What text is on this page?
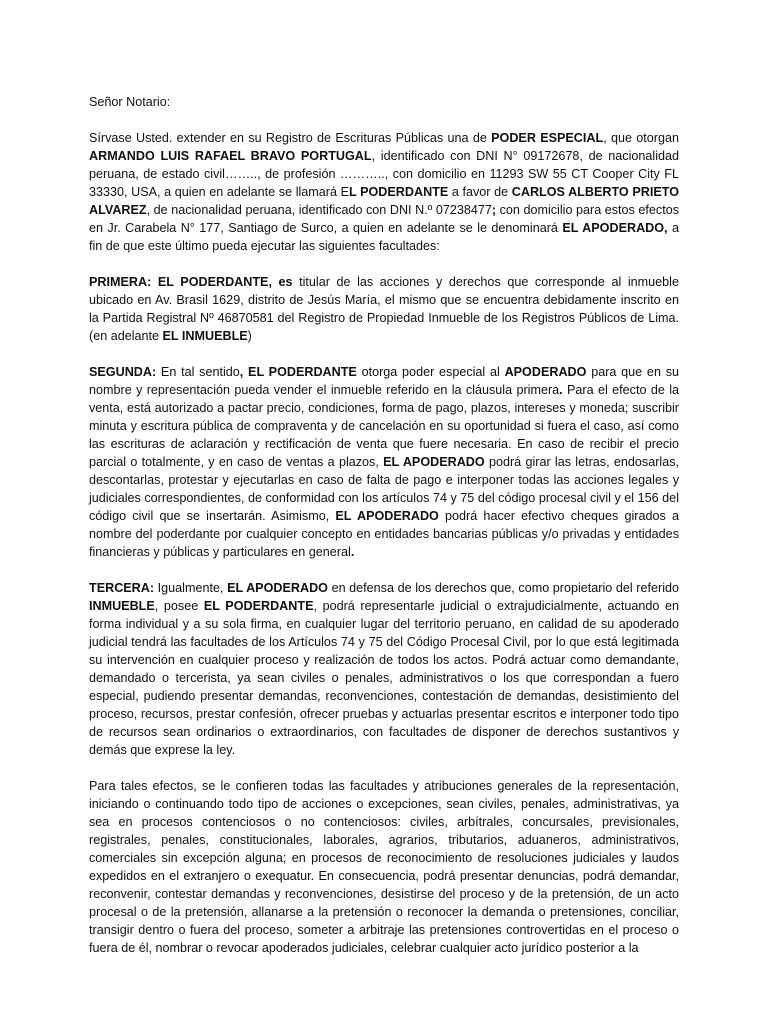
Señor Notario:

Sírvase Usted. extender en su Registro de Escrituras Públicas una de PODER ESPECIAL, que otorgan ARMANDO LUIS RAFAEL BRAVO PORTUGAL, identificado con DNI N° 09172678, de nacionalidad peruana, de estado civil…….., de profesión ……….., con domicilio en 11293 SW 55 CT Cooper City FL 33330, USA, a quien en adelante se llamará EL PODERDANTE a favor de CARLOS ALBERTO PRIETO ALVAREZ, de nacionalidad peruana, identificado con DNI N.º 07238477; con domicilio para estos efectos en Jr. Carabela N° 177, Santiago de Surco, a quien en adelante se le denominará EL APODERADO, a fin de que este último pueda ejecutar las siguientes facultades:

PRIMERA: EL PODERDANTE, es titular de las acciones y derechos que corresponde al inmueble ubicado en Av. Brasil 1629, distrito de Jesús María, el mismo que se encuentra debidamente inscrito en la Partida Registral Nº 46870581 del Registro de Propiedad Inmueble de los Registros Públicos de Lima. (en adelante EL INMUEBLE)

SEGUNDA: En tal sentido, EL PODERDANTE otorga poder especial al APODERADO para que en su nombre y representación pueda vender el inmueble referido en la cláusula primera. Para el efecto de la venta, está autorizado a pactar precio, condiciones, forma de pago, plazos, intereses y moneda; suscribir minuta y escritura pública de compraventa y de cancelación en su oportunidad si fuera el caso, así como las escrituras de aclaración y rectificación de venta que fuere necesaria. En caso de recibir el precio parcial o totalmente, y en caso de ventas a plazos, EL APODERADO podrá girar las letras, endosarlas, descontarlas, protestar y ejecutarlas en caso de falta de pago e interponer todas las acciones legales y judiciales correspondientes, de conformidad con los artículos 74 y 75 del código procesal civil y el 156 del código civil que se insertarán. Asimismo, EL APODERADO podrá hacer efectivo cheques girados a nombre del poderdante por cualquier concepto en entidades bancarias públicas y/o privadas y entidades financieras y públicas y particulares en general.

TERCERA: Igualmente, EL APODERADO en defensa de los derechos que, como propietario del referido INMUEBLE, posee EL PODERDANTE, podrá representarle judicial o extrajudicialmente, actuando en forma individual y a su sola firma, en cualquier lugar del territorio peruano, en calidad de su apoderado judicial tendrá las facultades de los Artículos 74 y 75 del Código Procesal Civil, por lo que está legitimada su intervención en cualquier proceso y realización de todos los actos. Podrá actuar como demandante, demandado o tercerista, ya sean civiles o penales, administrativos o los que correspondan a fuero especial, pudiendo presentar demandas, reconvenciones, contestación de demandas, desistimiento del proceso, recursos, prestar confesión, ofrecer pruebas y actuarlas presentar escritos e interponer todo tipo de recursos sean ordinarios o extraordinarios, con facultades de disponer de derechos sustantivos y demás que exprese la ley.

Para tales efectos, se le confieren todas las facultades y atribuciones generales de la representación, iniciando o continuando todo tipo de acciones o excepciones, sean civiles, penales, administrativas, ya sea en procesos contenciosos o no contenciosos: civiles, arbítrales, concursales, previsionales, registrales, penales, constitucionales, laborales, agrarios, tributarios, aduaneros, administrativos, comerciales sin excepción alguna; en procesos de reconocimiento de resoluciones judiciales y laudos expedidos en el extranjero o exequatur. En consecuencia, podrá presentar denuncias, podrá demandar, reconvenir, contestar demandas y reconvenciones, desistirse del proceso y de la pretensión, de un acto procesal o de la pretensión, allanarse a la pretensión o reconocer la demanda o pretensiones, conciliar, transigir dentro o fuera del proceso, someter a arbitraje las pretensiones controvertidas en el proceso o fuera de él, nombrar o revocar apoderados judiciales, celebrar cualquier acto jurídico posterior a la
